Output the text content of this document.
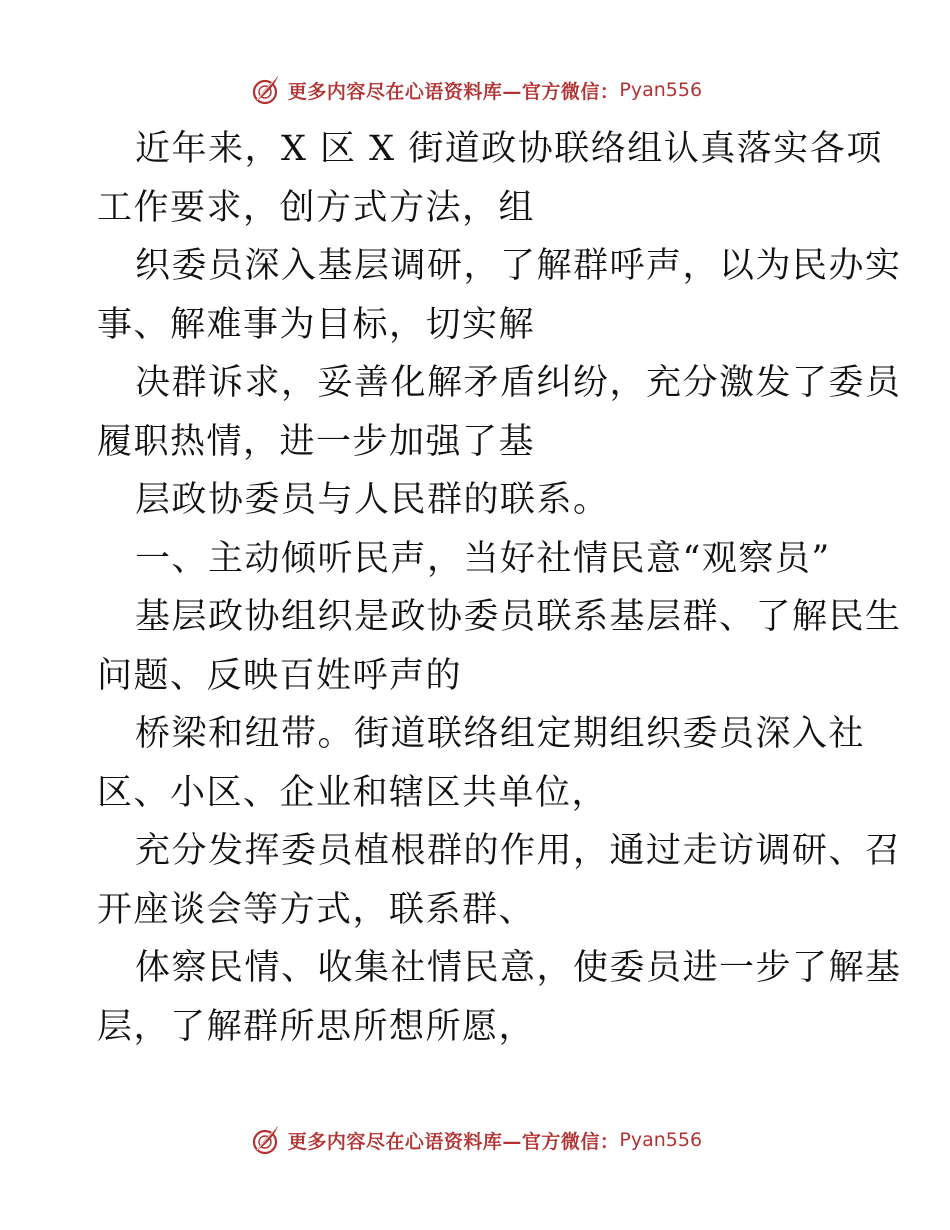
更多内容尽在心语资料库—官方微信： Pyan556
近年来，X 区 X 街道政协联络组认真落实各项
工作要求，创方式方法，组
织委员深入基层调研，了解群呼声，以为民办实
事、解难事为目标，切实解
决群诉求，妥善化解矛盾纠纷，充分激发了委员
履职热情，进一步加强了基
层政协委员与人民群的联系。
一、主动倾听民声，当好社情民意“观察员”
基层政协组织是政协委员联系基层群、了解民生
问题、反映百姓呼声的
桥梁和纽带。街道联络组定期组织委员深入社
区、小区、企业和辖区共单位，
充分发挥委员植根群的作用，通过走访调研、召
开座谈会等方式，联系群、
体察民情、收集社情民意，使委员进一步了解基
层，了解群所思所想所愿，
更多内容尽在心语资料库—官方微信： Pyan556
